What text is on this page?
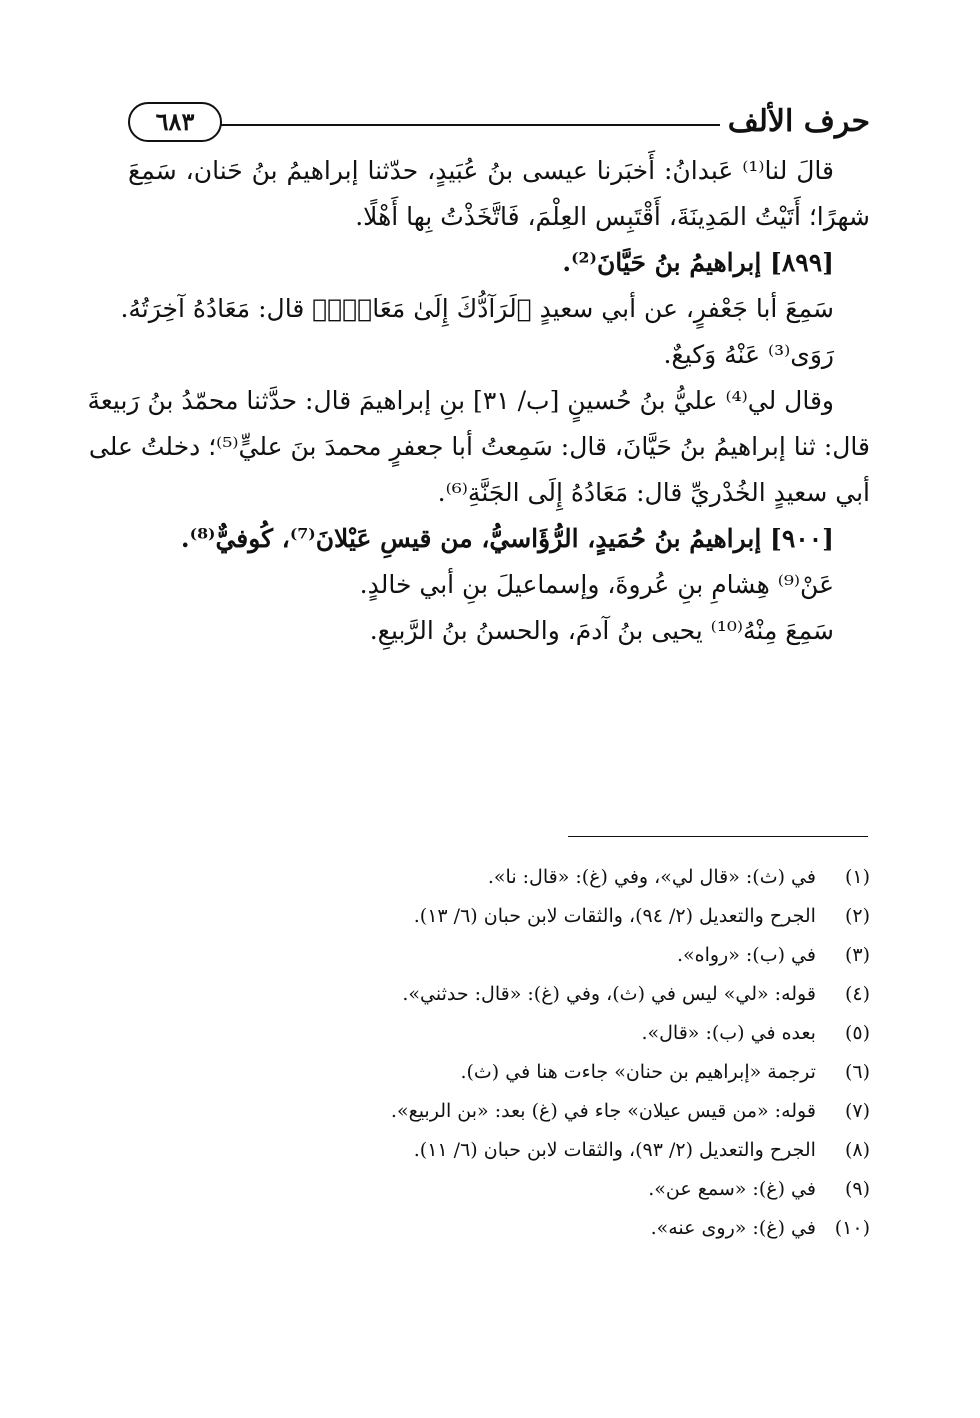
حرف الألف
٦٨٣
قالَ لنا⁽¹⁾ عَبدانُ: أَخبَرنا عيسى بنُ عُبَيدٍ، حدّثنا إبراهيمُ بنُ حَنان، سَمِعَ
شهرًا؛ أَتَيْتُ المَدِينَةَ، أَقْتَبِس العِلْمَ، فَاتَّخَذْتُ بِها أَهْلًا.
[٨٩٩] إبراهيمُ بنُ حَيَّانَ⁽²⁾.
سَمِعَ أبا جَعْفرٍ، عن أبي سعيدٍ ﴿لَرَآدُّكَ إِلَىٰ مَعَادٍۚ﴾ قال: مَعَادُهُ آخِرَتُهُ.
رَوَى⁽³⁾ عَنْهُ وَكيعٌ.
وقال لي⁽⁴⁾ عليُّ بنُ حُسينٍ [ب/ ٣١] بنِ إبراهيمَ قال: حدَّثنا محمّدُ بنُ رَبيعةَ
قال: ثنا إبراهيمُ بنُ حَيَّانَ، قال: سَمِعتُ أبا جعفرٍ محمدَ بنَ عليٍّ⁽⁵⁾؛ دخلتُ على
أبي سعيدٍ الخُدْريِّ قال: مَعَادُهُ إِلَى الجَنَّةِ⁽⁶⁾.
[٩٠٠] إبراهيمُ بنُ حُمَيدٍ، الرُّؤَاسيُّ، من قيسِ عَيْلانَ⁽⁷⁾، كُوفيٌّ⁽⁸⁾.
عَنْ⁽⁹⁾ هِشامِ بنِ عُروةَ، وإسماعيلَ بنِ أبي خالدٍ.
سَمِعَ مِنْهُ⁽¹⁰⁾ يحيى بنُ آدمَ، والحسنُ بنُ الرَّبيعِ.
(١) في (ث): «قال لي»، وفي (غ): «قال: نا».
(٢) الجرح والتعديل (٢/ ٩٤)، والثقات لابن حبان (٦/ ١٣).
(٣) في (ب): «رواه».
(٤) قوله: «لي» ليس في (ث)، وفي (غ): «قال: حدثني».
(٥) بعده في (ب): «قال».
(٦) ترجمة «إبراهيم بن حنان» جاءت هنا في (ث).
(٧) قوله: «من قيس عيلان» جاء في (غ) بعد: «بن الربيع».
(٨) الجرح والتعديل (٢/ ٩٣)، والثقات لابن حبان (٦/ ١١).
(٩) في (غ): «سمع عن».
(١٠) في (غ): «روى عنه».
